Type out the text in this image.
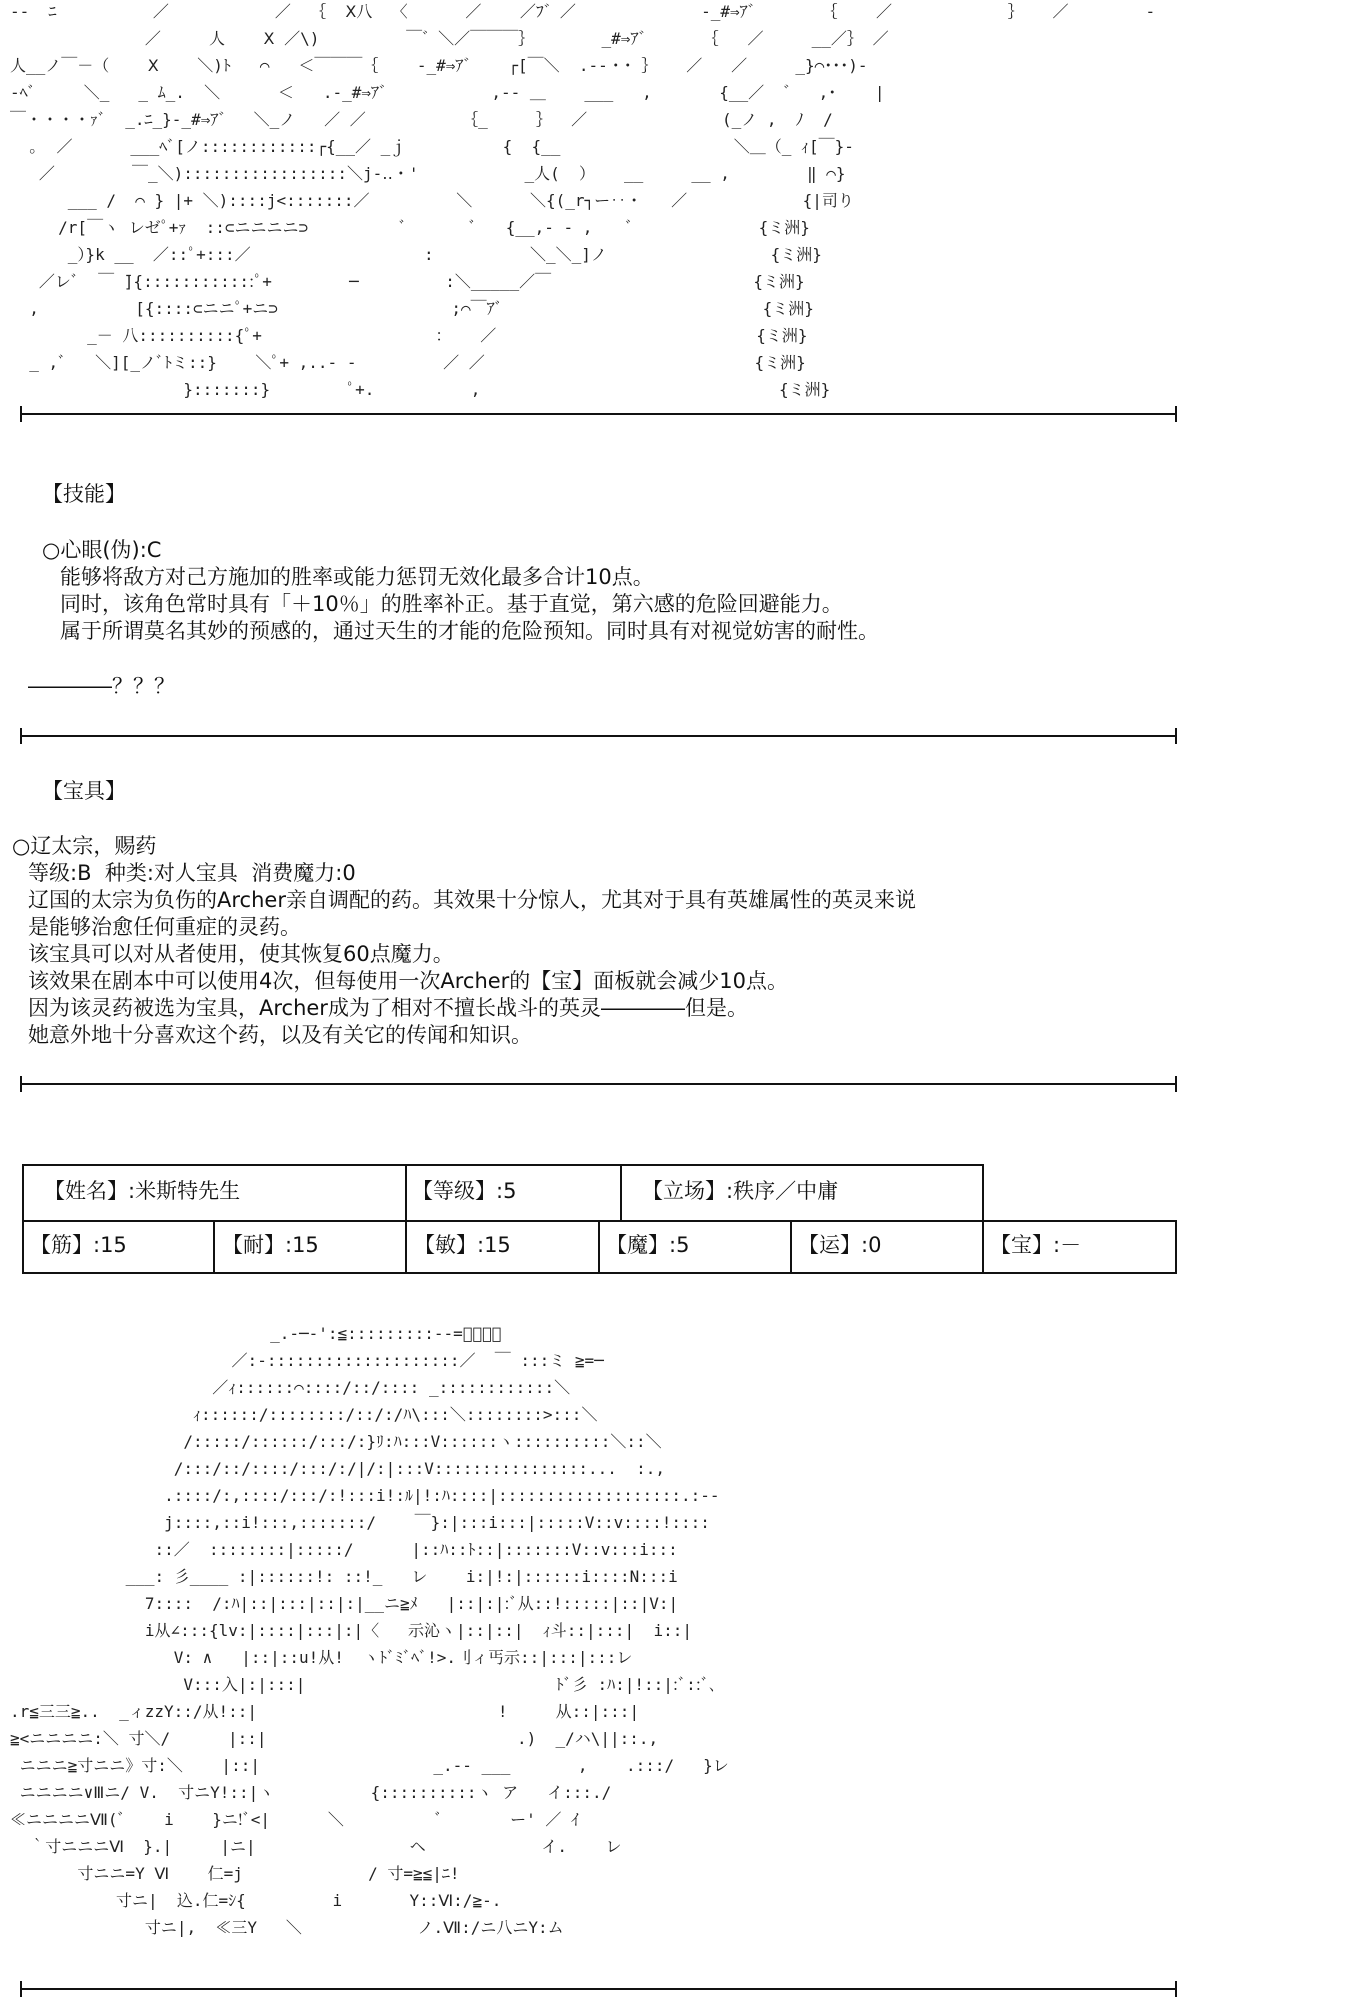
--  ﾆ          ／           ／  ｛  Ⅹ八  〈      ／    ／ﾌ゛／             -_#⇒ｱ゛      ｛    ／            ｝   ／        -
／     人    Ⅹ ／\)         ￣゛＼／￣￣￣｝       _#⇒ｱ゛     ｛   ／     __／｝ ／
人__ノ￣－（    Ⅹ    ＼)ﾄ   ⌒   ＜￣￣￣｛    -_#⇒ｱ゛   ┌[￣＼  .--・･ ｝   ／   ／     _}⌒･･･)-
-ﾍﾞ     ＼_   _ ﾑ_.  ＼      ＜   .-_#⇒ｱ゛          ,-- ＿    ___   ,       {__／  ゛  ,･    |
￣・・・・ｧﾞ  _.ﾆ_}-_#⇒ｱ゛  ＼_ノ   ／ ／          ｛_     ｝  ／              (_ノ ,  ﾉ  /
｡  ／      ___ﾍﾞ[ノ::::::::::::┌{__／ _ｊ          {  {__                  ＼＿（_ ｨ[￣}-
／        ￣_＼):::::::::::::::::＼j-‥・'           _人(  ）   __     __ ,        ‖ ⌒}
___ /  ⌒ } |+ ＼)::::j<:::::::／         ＼      ＼{(_r┐ー‥・   ／            {|司り
/r[￣ヽ レゼﾟ+ｧ  ::⊂ニニニニ⊃          ﾞ       ﾞ   {__,- - ,    ﾞ             {ミ洲}
_）}k __  ／::ﾟ+:::／                  :          ＼_＼_]ノ                 {ミ洲}
／レﾞ  ￣ ̄]{::::::::::::ﾟ+        ─         :＼_____／￣                     {ミ洲}
,          [{::::⊂ニニﾟ+ニ⊃                  ;⌒￣ｱﾞ                           {ミ洲}
_－ 八::::::::::{ﾟ+                  ：   ／                           {ミ洲}
_ ,ﾞ   ＼][_ノﾞﾄミ::}    ＼ﾟ+ ,..- -         ／ ／                            {ミ洲}
}:::::::}        ﾟ+.          ,                               {ミ洲}

【技能】

○心眼(伪):C

能够将敌方对己方施加的胜率或能力惩罚无效化最多合计10点。

同时，该角色常时具有「＋10％」的胜率补正。基于直觉，第六感的危险回避能力。

属于所谓莫名其妙的预感的，通过天生的才能的危险预知。同时具有对视觉妨害的耐性。

――――？？？

【宝具】

○辽太宗，赐药

等级:B  种类:对人宝具  消费魔力:0

辽国的太宗为负伤的Archer亲自调配的药。其效果十分惊人，尤其对于具有英雄属性的英灵来说

是能够治愈任何重症的灵药。

该宝具可以对从者使用，使其恢复60点魔力。

该效果在剧本中可以使用4次，但每使用一次Archer的【宝】面板就会减少10点。

因为该灵药被选为宝具，Archer成为了相对不擅长战斗的英灵――――但是。

她意外地十分喜欢这个药，以及有关它的传闻和知识。

【姓名】:米斯特先生	【等级】:5	【立场】:秩序／中庸
【筋】:15	【耐】:15	【敏】:15	【魔】:5	【运】:0	【宝】:－
_.-─‐':≦:::::::::--=ﾞ￣ｰ､
／:‐::::::::::::::::::::／  ￣ :::ミ ≧=─
／ｨ::::::⌒::::/::/:::: _::::::::::::＼
ｨ::::::/::::::::/::/:/ﾊ\:::＼::::::::>:::＼
/:::::/::::::/:::/:}ﾘ:ﾊ:::V::::::ヽ::::::::::＼::＼
/:::/::/::::/:::/:/|/:|:::V::::::::::::::::...  :.,
.::::/:,::::/:::/:!:::i!:ﾙ|!:ﾊ::::|:::::::::::::::::::.:--
j::::,::i!:::,:::::::/    ￣}:|:::i:::|:::::V::v::::!::::
::／  ::::::::|:::::/      |::ﾊ::ﾄ::|:::::::V::v:::i:::
___: 彡____ :|::::::!: ::!_   レ    i:|!:|::::::i::::N:::i
7::::  /:ﾊ|::|:::|::|:|__ニ≧ﾒ   |::|:|:ﾞ从::!:::::|::|V:|
i从∠:::{lv:|::::|:::|:|〈   示沁ヽ|::|::|  ｨ斗::|:::|  i::|
V: ∧   |::|::u!从!  ヽﾄﾞﾐﾞﾍﾞ!>.刂ィ丐示::|:::|:::レ
V:::入|:|:::|                          ﾄﾞ彡 :ﾊ:|!::|:ﾞ::ﾞ､
.r≦三三≧..  _ィzzY::/从!::|                         !     从::|:::|
≧<ニニニニ:＼ 寸＼/      |::|                          .)  _/ハ\||::.,
ニニニ≧寸ニニ》寸:＼    |::|                  _.-‐ ___       ,    .:::/   }レ
ニニニニ∨Ⅲニ/ V.  寸ニY!::|ヽ          {::::::::::ヽ ア   イ:::./
≪ニニニニⅦ(ﾞ    i    }ニ!ﾞ<|      ＼          ﾞ       ー' ／ ｲ
｀寸ニニニⅥ  }.|     |ニ|                ヘ            イ.    レ
寸ニニ=Y Ⅵ    仁=j             / 寸=≧≦|ﾆ!
寸ニ|  込.仁=ｼ{         i       Y::Ⅵ:/≧-.
寸ニ|,  ≪三Y   ＼            ノ.Ⅶ:/ニ八ニY:ム
